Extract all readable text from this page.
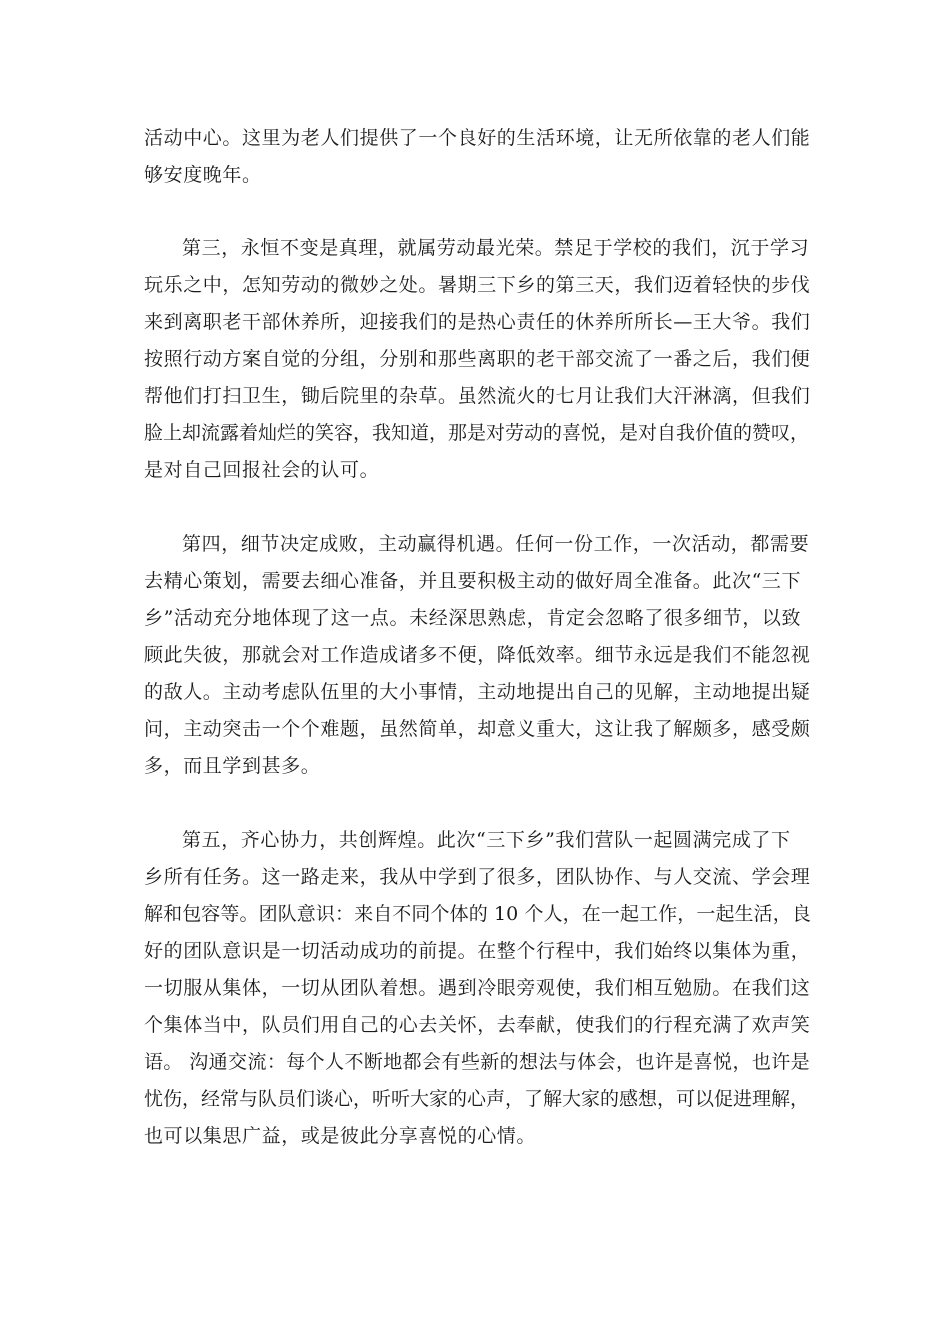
活动中心。这里为老人们提供了一个良好的生活环境，让无所依靠的老人们能
够安度晚年。
第三，永恒不变是真理，就属劳动最光荣。禁足于学校的我们，沉于学习
玩乐之中，怎知劳动的微妙之处。暑期三下乡的第三天，我们迈着轻快的步伐
来到离职老干部休养所，迎接我们的是热心责任的休养所所长—王大爷。我们
按照行动方案自觉的分组，分别和那些离职的老干部交流了一番之后，我们便
帮他们打扫卫生，锄后院里的杂草。虽然流火的七月让我们大汗淋漓，但我们
脸上却流露着灿烂的笑容，我知道，那是对劳动的喜悦，是对自我价值的赞叹，
是对自己回报社会的认可。
第四，细节决定成败，主动赢得机遇。任何一份工作，一次活动，都需要
去精心策划，需要去细心准备，并且要积极主动的做好周全准备。此次“三下
乡”活动充分地体现了这一点。未经深思熟虑，肯定会忽略了很多细节，以致
顾此失彼，那就会对工作造成诸多不便，降低效率。细节永远是我们不能忽视
的敌人。主动考虑队伍里的大小事情，主动地提出自己的见解，主动地提出疑
问，主动突击一个个难题，虽然简单，却意义重大，这让我了解颇多，感受颇
多，而且学到甚多。
第五，齐心协力，共创辉煌。此次“三下乡”我们营队一起圆满完成了下
乡所有任务。这一路走来，我从中学到了很多，团队协作、与人交流、学会理
解和包容等。团队意识：来自不同个体的 10 个人，在一起工作，一起生活，良
好的团队意识是一切活动成功的前提。在整个行程中，我们始终以集体为重，
一切服从集体，一切从团队着想。遇到冷眼旁观使，我们相互勉励。在我们这
个集体当中，队员们用自己的心去关怀，去奉献，使我们的行程充满了欢声笑
语。 沟通交流：每个人不断地都会有些新的想法与体会，也许是喜悦，也许是
忧伤，经常与队员们谈心，听听大家的心声，了解大家的感想，可以促进理解，
也可以集思广益，或是彼此分享喜悦的心情。
